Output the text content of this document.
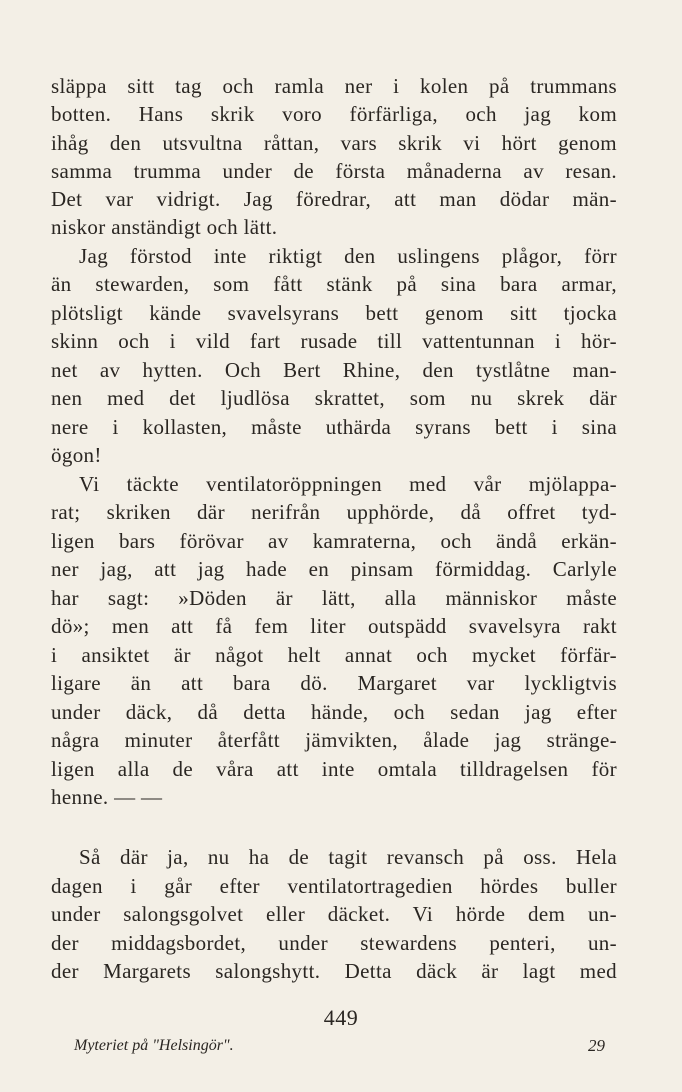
släppa sitt tag och ramla ner i kolen på trummans
botten. Hans skrik voro förfärliga, och jag kom
ihåg den utsvultna råttan, vars skrik vi hört genom
samma trumma under de första månaderna av resan.
Det var vidrigt. Jag föredrar, att man dödar män-
niskor anständigt och lätt.
Jag förstod inte riktigt den uslingens plågor, förr
än stewarden, som fått stänk på sina bara armar,
plötsligt kände svavelsyrans bett genom sitt tjocka
skinn och i vild fart rusade till vattentunnan i hör-
net av hytten. Och Bert Rhine, den tystlåtne man-
nen med det ljudlösa skrattet, som nu skrek där
nere i kollasten, måste uthärda syrans bett i sina
ögon!
Vi täckte ventilatoröppningen med vår mjölappa-
rat; skriken där nerifrån upphörde, då offret tyd-
ligen bars förövar av kamraterna, och ändå erkän-
ner jag, att jag hade en pinsam förmiddag. Carlyle
har sagt: »Döden är lätt, alla människor måste
dö»; men att få fem liter outspädd svavelsyra rakt
i ansiktet är något helt annat och mycket förfär-
ligare än att bara dö. Margaret var lyckligtvis
under däck, då detta hände, och sedan jag efter
några minuter återfått jämvikten, ålade jag stränge-
ligen alla de våra att inte omtala tilldragelsen för
henne. — —
Så där ja, nu ha de tagit revansch på oss. Hela
dagen i går efter ventilatortragedien hördes buller
under salongsgolvet eller däcket. Vi hörde dem un-
der middagsbordet, under stewardens penteri, un-
der Margarets salongshytt. Detta däck är lagt med
449
Myteriet på "Helsingör".	29
